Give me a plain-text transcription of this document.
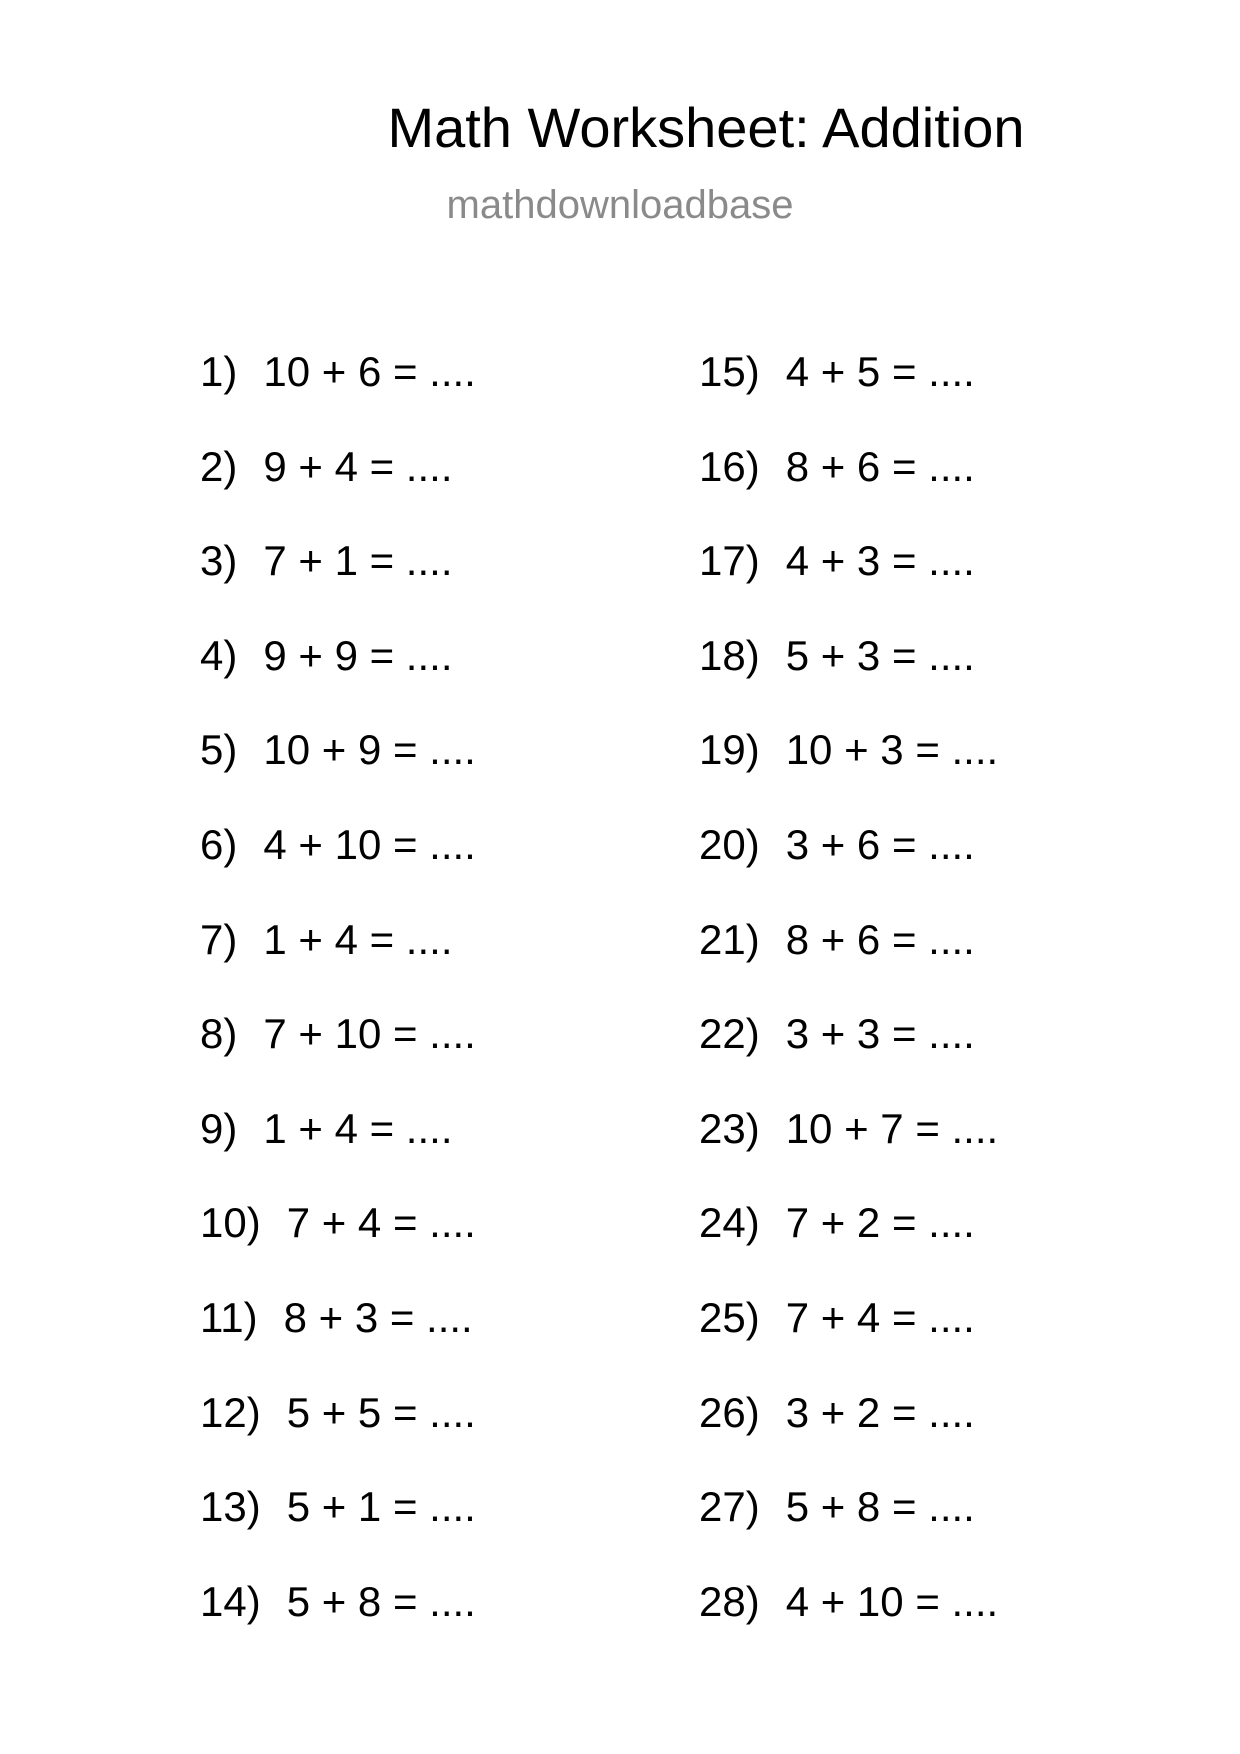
Math Worksheet: Addition
mathdownloadbase
1) 10 + 6 = ....
2) 9 + 4 = ....
3) 7 + 1 = ....
4) 9 + 9 = ....
5) 10 + 9 = ....
6) 4 + 10 = ....
7) 1 + 4 = ....
8) 7 + 10 = ....
9) 1 + 4 = ....
10) 7 + 4 = ....
11) 8 + 3 = ....
12) 5 + 5 = ....
13) 5 + 1 = ....
14) 5 + 8 = ....
15) 4 + 5 = ....
16) 8 + 6 = ....
17) 4 + 3 = ....
18) 5 + 3 = ....
19) 10 + 3 = ....
20) 3 + 6 = ....
21) 8 + 6 = ....
22) 3 + 3 = ....
23) 10 + 7 = ....
24) 7 + 2 = ....
25) 7 + 4 = ....
26) 3 + 2 = ....
27) 5 + 8 = ....
28) 4 + 10 = ....
